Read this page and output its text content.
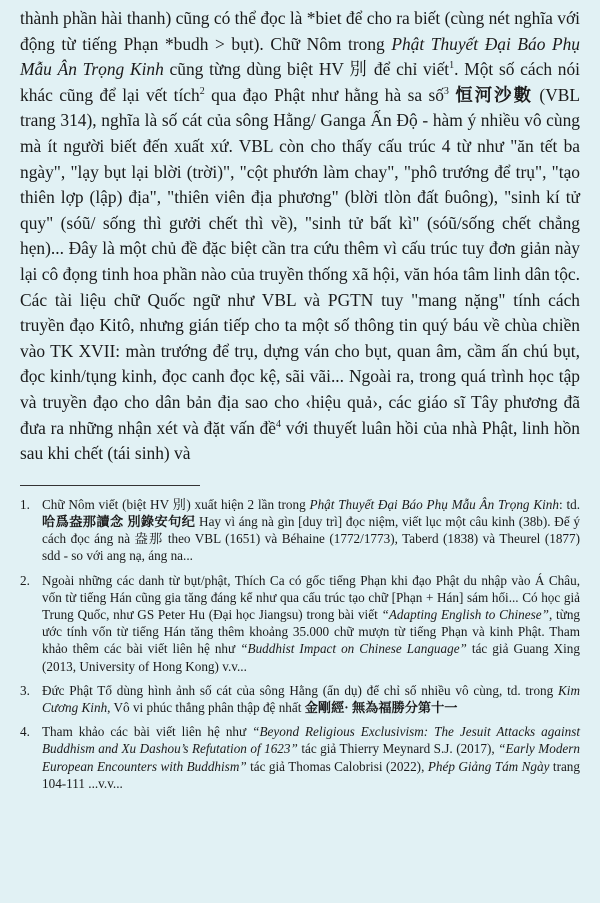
thành phần hài thanh) cũng có thể đọc là *biet để cho ra biết (cùng nét nghĩa với động từ tiếng Phạn *budh > bụt). Chữ Nôm trong Phật Thuyết Đại Báo Phụ Mẫu Ân Trọng Kinh cũng từng dùng biệt HV 別 để chỉ viết$^1$. Một số cách nói khác cũng để lại vết tích$^2$ qua đạo Phật như hằng hà sa số$^3$ 恒河沙數 (VBL trang 314), nghĩa là số cát của sông Hằng/ Ganga Ấn Độ - hàm ý nhiều vô cùng mà ít người biết đến xuất xứ. VBL còn cho thấy cấu trúc 4 từ như "ăn tết ba ngày", "lạy bụt lại blời (trời)", "cột phướn làm chay", "phô trướng để trụ", "tạo thiên lợp (lập) địa", "thiên viên địa phương" (blời tlòn đất ɓuông), "sinh kí tử quy" (sóũ/ sống thì gưởi chết thì về), "sinh tử bất kì" (sóũ/sống chết chẳng hẹn)... Đây là một chủ đề đặc biệt cần tra cứu thêm vì cấu trúc tuy đơn giản này lại cô đọng tinh hoa phần nào của truyền thống xã hội, văn hóa tâm linh dân tộc. Các tài liệu chữ Quốc ngữ như VBL và PGTN tuy "mang nặng" tính cách truyền đạo Kitô, nhưng gián tiếp cho ta một số thông tin quý báu về chùa chiền vào TK XVII: màn trướng để trụ, dựng ván cho bụt, quan âm, cầm ấn chú bụt, đọc kinh/tụng kinh, đọc canh đọc kệ, sãi vãi... Ngoài ra, trong quá trình học tập và truyền đạo cho dân bản địa sao cho ‹hiệu quả›, các giáo sĩ Tây phương đã đưa ra những nhận xét và đặt vấn đề$^4$ với thuyết luân hồi của nhà Phật, linh hồn sau khi chết (tái sinh) và

1. Chữ Nôm viết (biệt HV 別) xuất hiện 2 lần trong Phật Thuyết Đại Báo Phụ Mẫu Ân Trọng Kinh: td. 哈爲盎那讀念 別錄安句纪 Hay vì áng nà gìn [duy trì] đọc niệm, viết lục một câu kinh (38b). Để ý cách đọc áng nà 盎那 theo VBL (1651) và Béhaine (1772/1773), Taberd (1838) và Theurel (1877) sdd - so với ang nạ, áng na...
2. Ngoài những các danh từ bụt/phật, Thích Ca có gốc tiếng Phạn khi đạo Phật du nhập vào Á Châu, vốn từ tiếng Hán cũng gia tăng đáng kể như qua cấu trúc tạo chữ [Phạn + Hán] sám hối... Có học giả Trung Quốc, như GS Peter Hu (Đại học Jiangsu) trong bài viết “Adapting English to Chinese”, từng ước tính vốn từ tiếng Hán tăng thêm khoảng 35.000 chữ mượn từ tiếng Phạn và kinh Phật. Tham khảo thêm các bài viết liên hệ như “Buddhist Impact on Chinese Language” tác giả Guang Xing (2013, University of Hong Kong) v.v...
3. Đức Phật Tổ dùng hình ảnh số cát của sông Hằng (ẩn dụ) để chỉ số nhiều vô cùng, td. trong Kim Cương Kinh, Vô vi phúc thắng phân thập đệ nhất 金剛經· 無為福勝分第十一
4. Tham khảo các bài viết liên hệ như “Beyond Religious Exclusivism: The Jesuit Attacks against Buddhism and Xu Dashou’s Refutation of 1623” tác giả Thierry Meynard S.J. (2017), “Early Modern European Encounters with Buddhism” tác giả Thomas Calobrisi (2022), Phép Giảng Tám Ngày trang 104-111 ...v.v...
